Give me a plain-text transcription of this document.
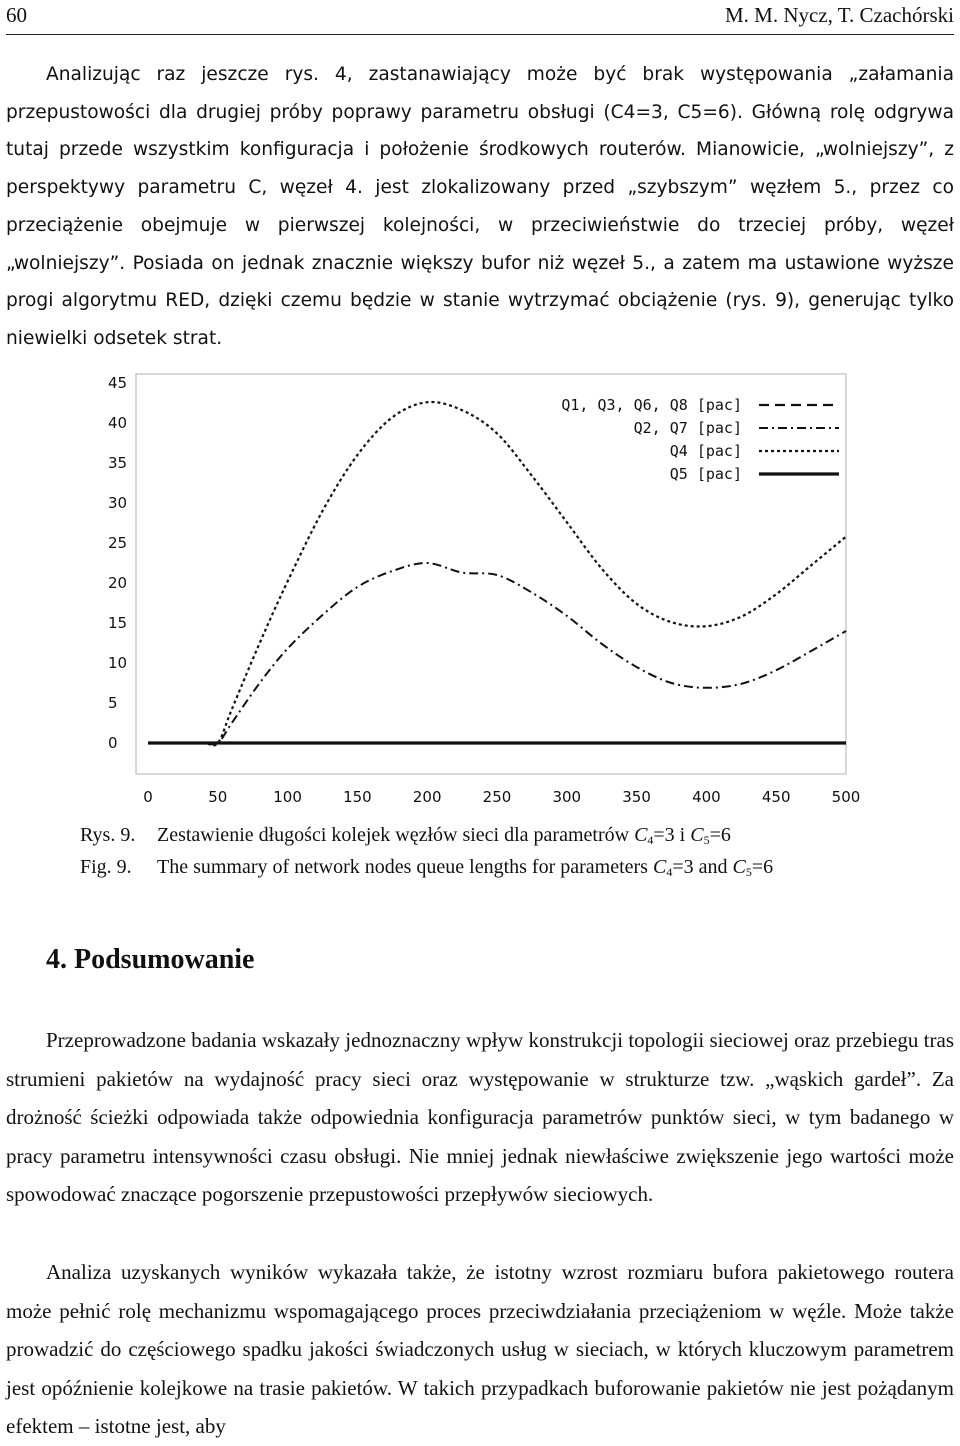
60	M. M. Nycz, T. Czachórski

Analizując raz jeszcze rys. 4, zastanawiający może być brak występowania „załamania przepustowości dla drugiej próby poprawy parametru obsługi (C4=3, C5=6). Główną rolę odgrywa tutaj przede wszystkim konfiguracja i położenie środkowych routerów. Mianowicie, „wolniejszy”, z perspektywy parametru C, węzeł 4. jest zlokalizowany przed „szybszym” węzłem 5., przez co przeciążenie obejmuje w pierwszej kolejności, w przeciwieństwie do trzeciej próby, węzeł „wolniejszy”. Posiada on jednak znacznie większy bufor niż węzeł 5., a zatem ma ustawione wyższe progi algorytmu RED, dzięki czemu będzie w stanie wytrzymać obciążenie (rys. 9), generując tylko niewielki odsetek strat.

0
5
10
15
20
25
30
35
40
45
0	50	100	150	200	250	300	350	400	450	500
Q1, Q3, Q6, Q8 [pac]
Q2, Q7 [pac]
Q4 [pac]
Q5 [pac]
Rys. 9. Zestawienie długości kolejek węzłów sieci dla parametrów $C_4=3$ i $C_5=6$
Fig. 9. The summary of network nodes queue lengths for parameters $C_4=3$ and $C_5=6$
4. Podsumowanie

Przeprowadzone badania wskazały jednoznaczny wpływ konstrukcji topologii sieciowej oraz przebiegu tras strumieni pakietów na wydajność pracy sieci oraz występowanie w strukturze tzw. „wąskich gardeł”. Za drożność ścieżki odpowiada także odpowiednia konfiguracja parametrów punktów sieci, w tym badanego w pracy parametru intensywności czasu obsługi. Nie mniej jednak niewłaściwe zwiększenie jego wartości może spowodować znaczące pogorszenie przepustowości przepływów sieciowych.

Analiza uzyskanych wyników wykazała także, że istotny wzrost rozmiaru bufora pakietowego routera może pełnić rolę mechanizmu wspomagającego proces przeciwdziałania przeciążeniom w węźle. Może także prowadzić do częściowego spadku jakości świadczonych usług w sieciach, w których kluczowym parametrem jest opóźnienie kolejkowe na trasie pakietów. W takich przypadkach buforowanie pakietów nie jest pożądanym efektem – istotne jest, aby
